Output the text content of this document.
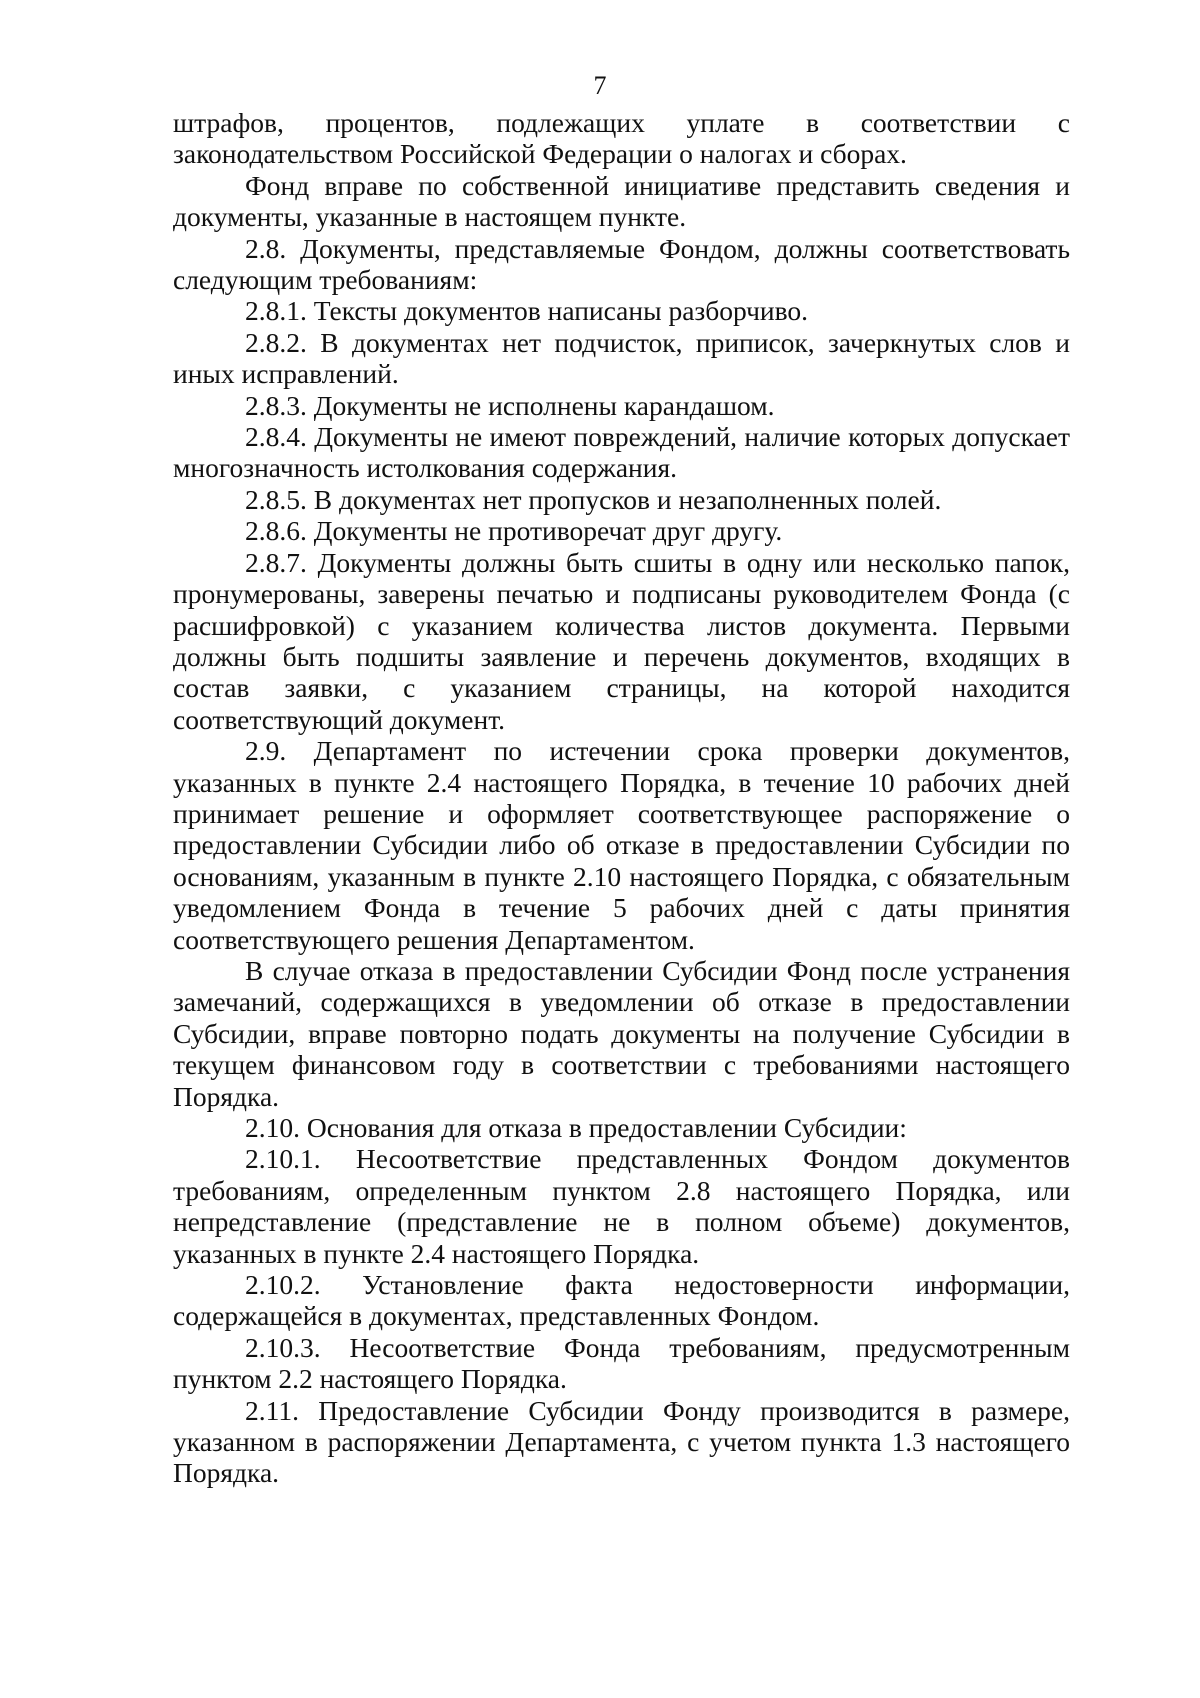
7

штрафов, процентов, подлежащих уплате в соответствии с законодательством Российской Федерации о налогах и сборах.

Фонд вправе по собственной инициативе представить сведения и документы, указанные в настоящем пункте.

2.8. Документы, представляемые Фондом, должны соответствовать следующим требованиям:

2.8.1. Тексты документов написаны разборчиво.

2.8.2. В документах нет подчисток, приписок, зачеркнутых слов и иных исправлений.

2.8.3. Документы не исполнены карандашом.

2.8.4. Документы не имеют повреждений, наличие которых допускает многозначность истолкования содержания.

2.8.5. В документах нет пропусков и незаполненных полей.

2.8.6. Документы не противоречат друг другу.

2.8.7. Документы должны быть сшиты в одну или несколько папок, пронумерованы, заверены печатью и подписаны руководителем Фонда (с расшифровкой) с указанием количества листов документа. Первыми должны быть подшиты заявление и перечень документов, входящих в состав заявки, с указанием страницы, на которой находится соответствующий документ.

2.9. Департамент по истечении срока проверки документов, указанных в пункте 2.4 настоящего Порядка, в течение 10 рабочих дней принимает решение и оформляет соответствующее распоряжение о предоставлении Субсидии либо об отказе в предоставлении Субсидии по основаниям, указанным в пункте 2.10 настоящего Порядка, с обязательным уведомлением Фонда в течение 5 рабочих дней с даты принятия соответствующего решения Департаментом.

В случае отказа в предоставлении Субсидии Фонд после устранения замечаний, содержащихся в уведомлении об отказе в предоставлении Субсидии, вправе повторно подать документы на получение Субсидии в текущем финансовом году в соответствии с требованиями настоящего Порядка.

2.10. Основания для отказа в предоставлении Субсидии:

2.10.1. Несоответствие представленных Фондом документов требованиям, определенным пунктом 2.8 настоящего Порядка, или непредставление (представление не в полном объеме) документов, указанных в пункте 2.4 настоящего Порядка.

2.10.2. Установление факта недостоверности информации, содержащейся в документах, представленных Фондом.

2.10.3. Несоответствие Фонда требованиям, предусмотренным пунктом 2.2 настоящего Порядка.

2.11. Предоставление Субсидии Фонду производится в размере, указанном в распоряжении Департамента, с учетом пункта 1.3 настоящего Порядка.
